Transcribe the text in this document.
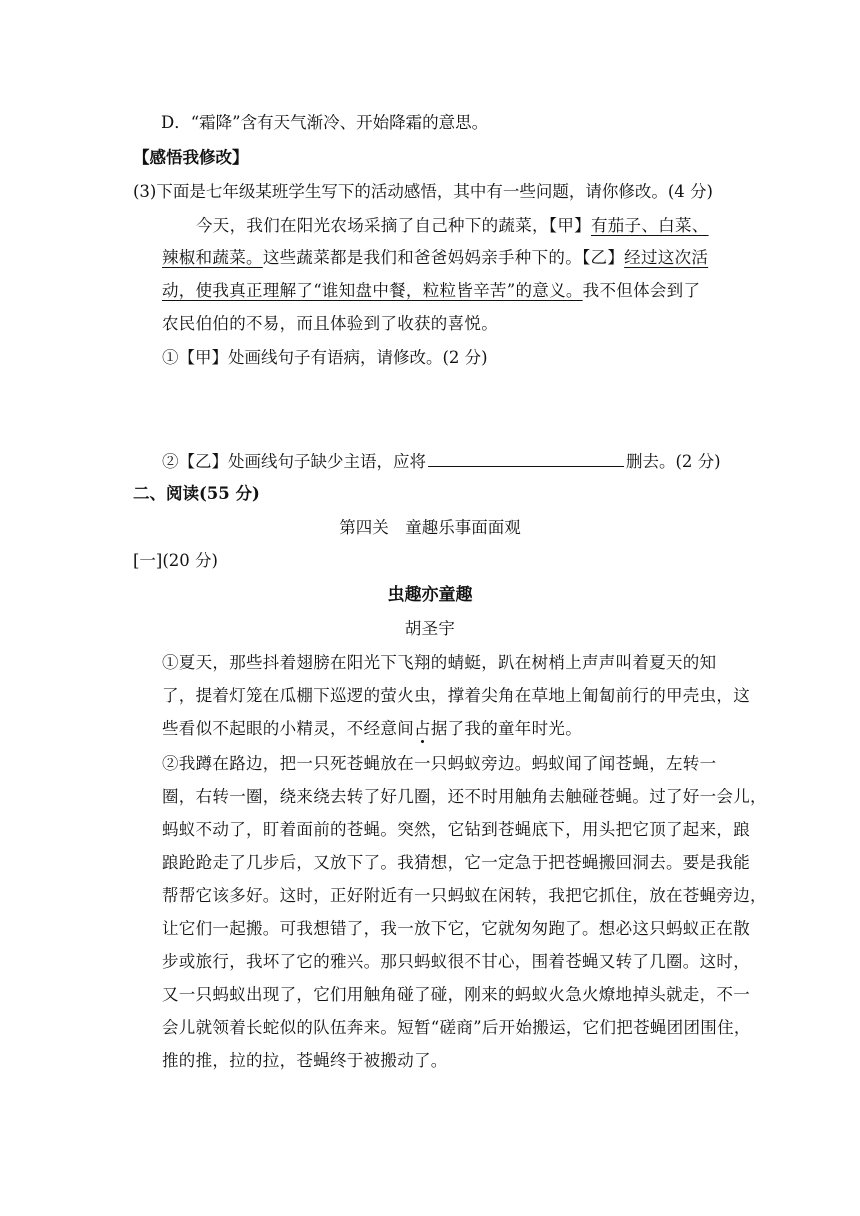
D．“霜降”含有天气渐冷、开始降霜的意思。
【感悟我修改】
(3)下面是七年级某班学生写下的活动感悟，其中有一些问题，请你修改。(4 分)
今天，我们在阳光农场采摘了自己种下的蔬菜，【甲】有茄子、白菜、
辣椒和蔬菜。这些蔬菜都是我们和爸爸妈妈亲手种下的。【乙】经过这次活
动，使我真正理解了“谁知盘中餐，粒粒皆辛苦”的意义。我不但体会到了
农民伯伯的不易，而且体验到了收获的喜悦。
①【甲】处画线句子有语病，请修改。(2 分)
②【乙】处画线句子缺少主语，应将	删去。(2 分)
二、阅读(55 分)
第四关　童趣乐事面面观
[一](20 分)
虫趣亦童趣
胡圣宇
①夏天，那些抖着翅膀在阳光下飞翔的蜻蜓，趴在树梢上声声叫着夏天的知
了，提着灯笼在瓜棚下巡逻的萤火虫，撑着尖角在草地上匍匐前行的甲壳虫，这
些看似不起眼的小精灵，不经意间占据了我的童年时光。
②我蹲在路边，把一只死苍蝇放在一只蚂蚁旁边。蚂蚁闻了闻苍蝇，左转一
圈，右转一圈，绕来绕去转了好几圈，还不时用触角去触碰苍蝇。过了好一会儿，
蚂蚁不动了，盯着面前的苍蝇。突然，它钻到苍蝇底下，用头把它顶了起来，踉
踉跄跄走了几步后，又放下了。我猜想，它一定急于把苍蝇搬回洞去。要是我能
帮帮它该多好。这时，正好附近有一只蚂蚁在闲转，我把它抓住，放在苍蝇旁边，
让它们一起搬。可我想错了，我一放下它，它就匆匆跑了。想必这只蚂蚁正在散
步或旅行，我坏了它的雅兴。那只蚂蚁很不甘心，围着苍蝇又转了几圈。这时，
又一只蚂蚁出现了，它们用触角碰了碰，刚来的蚂蚁火急火燎地掉头就走，不一
会儿就领着长蛇似的队伍奔来。短暂“磋商”后开始搬运，它们把苍蝇团团围住，
推的推，拉的拉，苍蝇终于被搬动了。
